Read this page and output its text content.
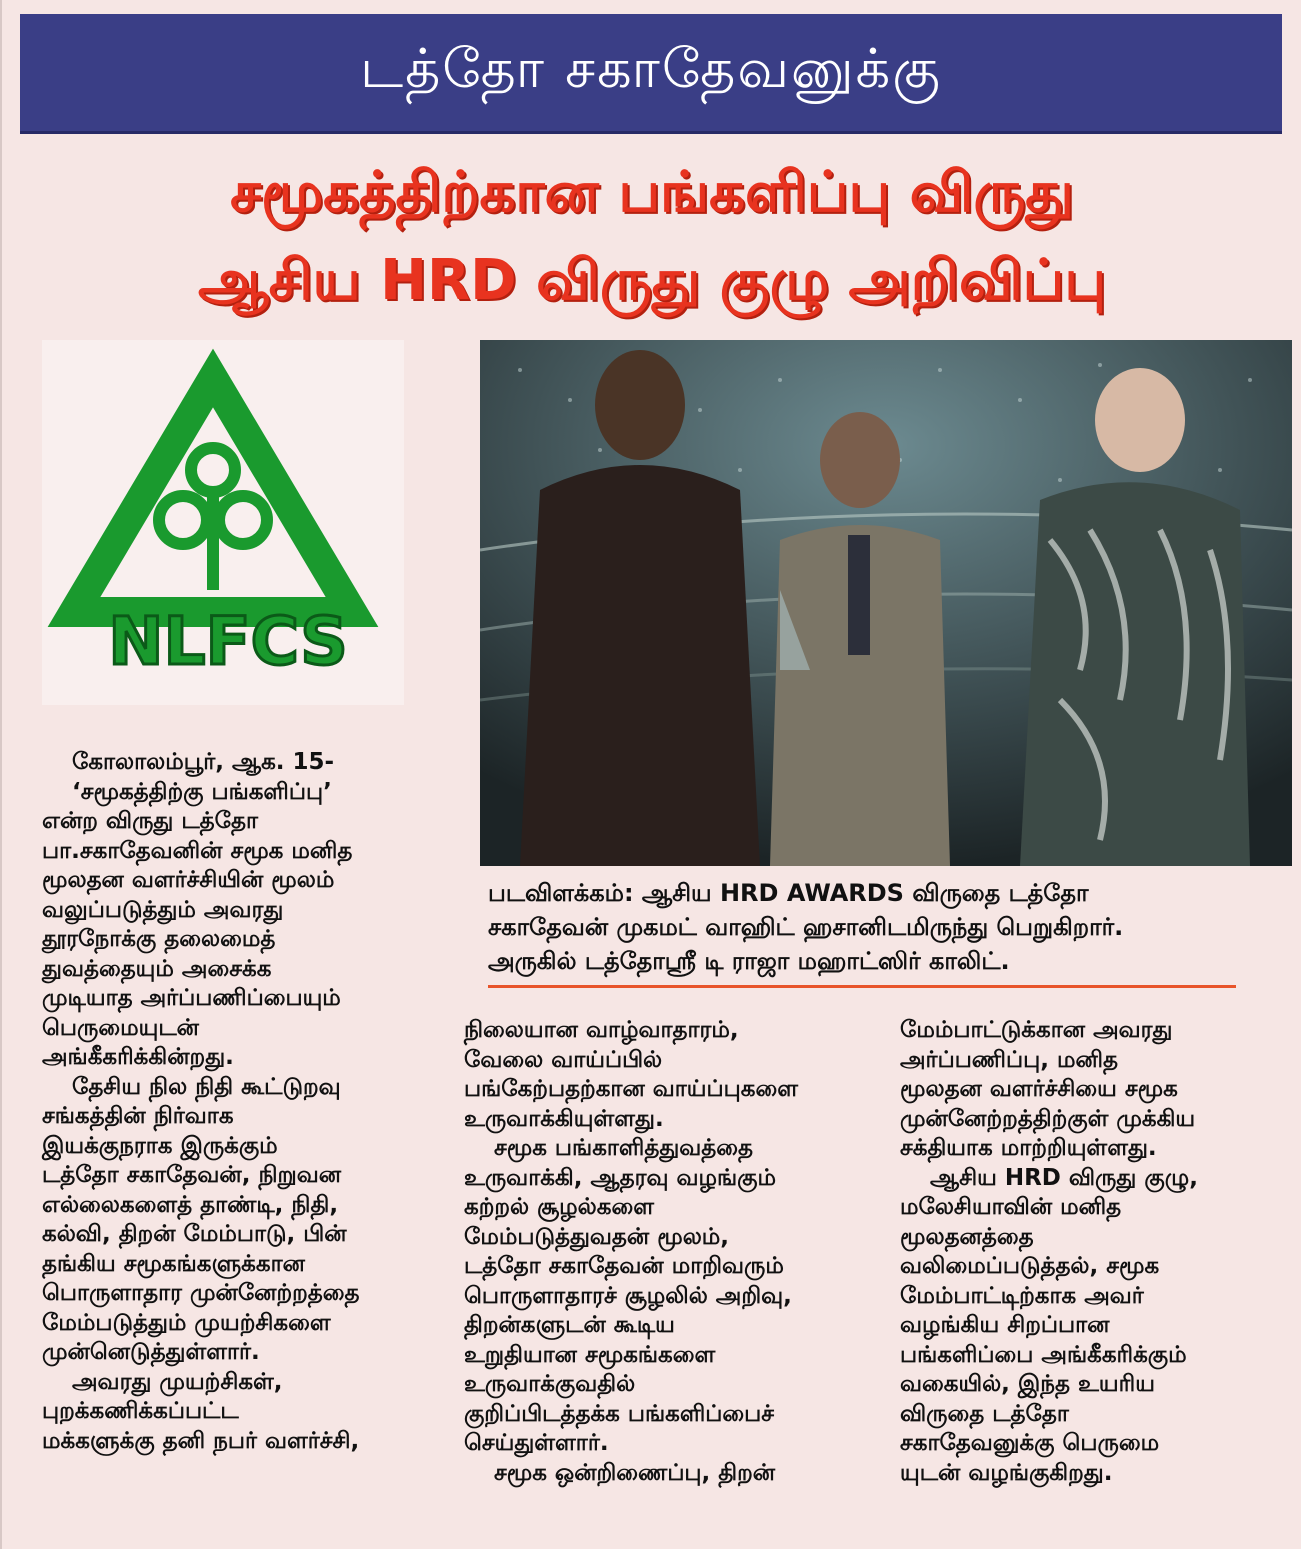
டத்தோ சகாதேவனுக்கு
சமூகத்திற்கான பங்களிப்பு விருது
ஆசிய HRD விருது குழு அறிவிப்பு
NLFCS
படவிளக்கம்: ஆசிய HRD AWARDS விருதை டத்தோ
சகாதேவன் முகமட் வாஹிட் ஹசானிடமிருந்து பெறுகிறார்.
அருகில் டத்தோஸ்ரீ டி ராஜா மஹாட்ஸிர் காலிட்.

கோலாலம்பூர், ஆக. 15-

‘சமூகத்திற்கு பங்களிப்பு’

என்ற விருது டத்தோ

பா.சகாதேவனின் சமூக மனித

மூலதன வளர்ச்சியின் மூலம்

வலுப்படுத்தும் அவரது

தூரநோக்கு தலைமைத்

துவத்தையும் அசைக்க

முடியாத அர்ப்பணிப்பையும்

பெருமையுடன்

அங்கீகரிக்கின்றது.

தேசிய நில நிதி கூட்டுறவு

சங்கத்தின் நிர்வாக

இயக்குநராக இருக்கும்

டத்தோ சகாதேவன், நிறுவன

எல்லைகளைத் தாண்டி, நிதி,

கல்வி, திறன் மேம்பாடு, பின்

தங்கிய சமூகங்களுக்கான

பொருளாதார முன்னேற்றத்தை

மேம்படுத்தும் முயற்சிகளை

முன்னெடுத்துள்ளார்.

அவரது முயற்சிகள்,

புறக்கணிக்கப்பட்ட

மக்களுக்கு தனி நபர் வளர்ச்சி,

நிலையான வாழ்வாதாரம்,

வேலை வாய்ப்பில்

பங்கேற்பதற்கான வாய்ப்புகளை

உருவாக்கியுள்ளது.

சமூக பங்காளித்துவத்தை

உருவாக்கி, ஆதரவு வழங்கும்

கற்றல் சூழல்களை

மேம்படுத்துவதன் மூலம்,

டத்தோ சகாதேவன் மாறிவரும்

பொருளாதாரச் சூழலில் அறிவு,

திறன்களுடன் கூடிய

உறுதியான சமூகங்களை

உருவாக்குவதில்

குறிப்பிடத்தக்க பங்களிப்பைச்

செய்துள்ளார்.

சமூக ஒன்றிணைப்பு, திறன்

மேம்பாட்டுக்கான அவரது

அர்ப்பணிப்பு, மனித

மூலதன வளர்ச்சியை சமூக

முன்னேற்றத்திற்குள் முக்கிய

சக்தியாக மாற்றியுள்ளது.

ஆசிய HRD விருது குழு,

மலேசியாவின் மனித

மூலதனத்தை

வலிமைப்படுத்தல், சமூக

மேம்பாட்டிற்காக அவர்

வழங்கிய சிறப்பான

பங்களிப்பை அங்கீகரிக்கும்

வகையில், இந்த உயரிய

விருதை டத்தோ

சகாதேவனுக்கு பெருமை

யுடன் வழங்குகிறது.
